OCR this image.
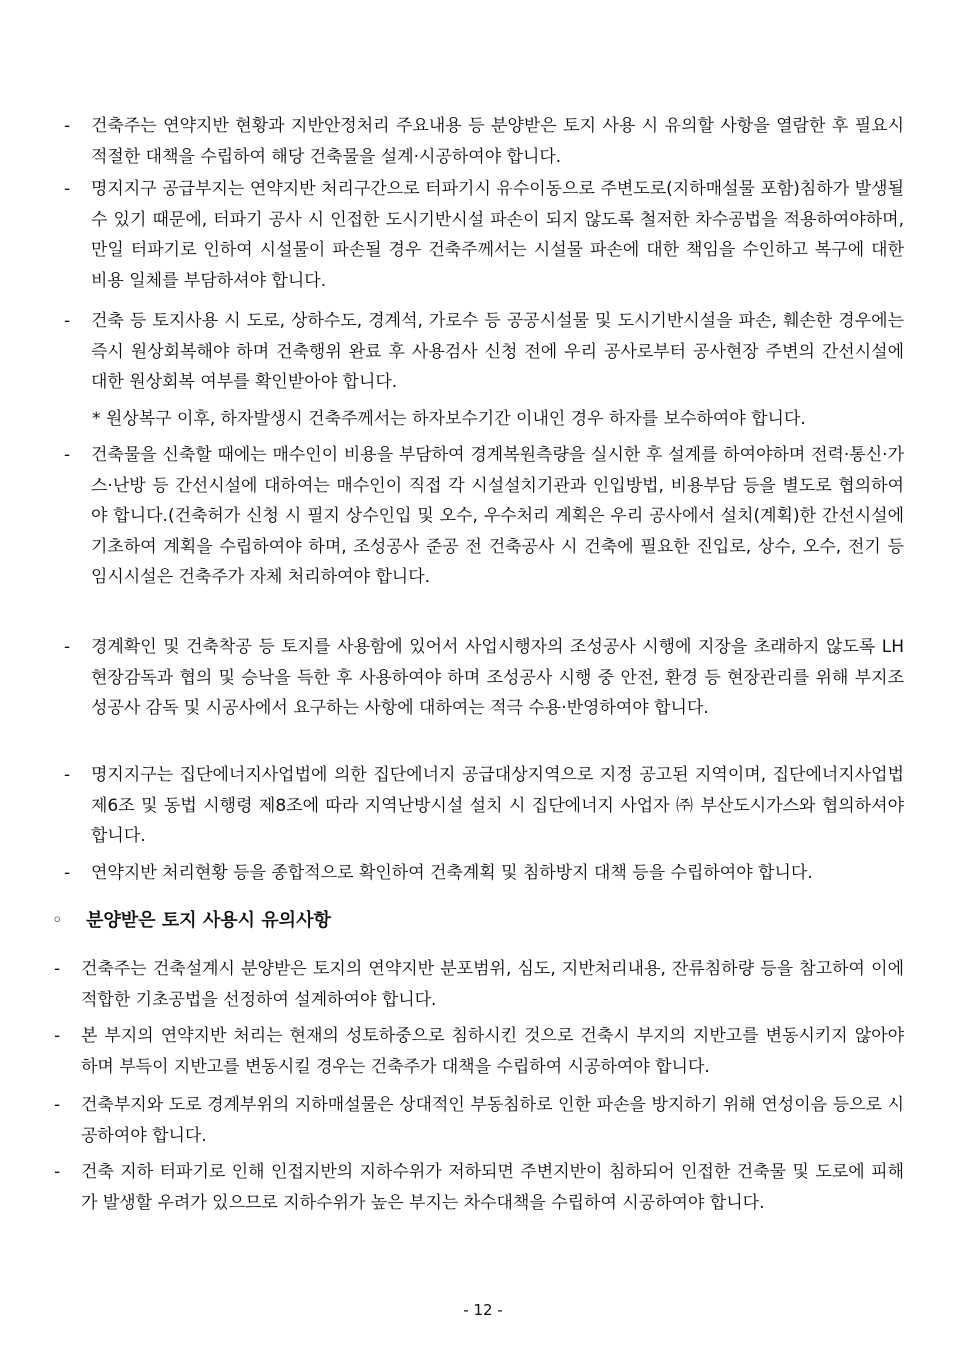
-	건축주는 연약지반 현황과 지반안정처리 주요내용 등 분양받은 토지 사용 시 유의할 사항을 열람한 후 필요시 적절한 대책을 수립하여 해당 건축물을 설계·시공하여야 합니다.
-	명지지구 공급부지는 연약지반 처리구간으로 터파기시 유수이동으로 주변도로(지하매설물 포함)침하가 발생될 수 있기 때문에, 터파기 공사 시 인접한 도시기반시설 파손이 되지 않도록 철저한 차수공법을 적용하여야하며, 만일 터파기로 인하여 시설물이 파손될 경우 건축주께서는 시설물 파손에 대한 책임을 수인하고 복구에 대한 비용 일체를 부담하셔야 합니다.
-	건축 등 토지사용 시 도로, 상하수도, 경계석, 가로수 등 공공시설물 및 도시기반시설을 파손, 훼손한 경우에는 즉시 원상회복해야 하며 건축행위 완료 후 사용검사 신청 전에 우리 공사로부터 공사현장 주변의 간선시설에 대한 원상회복 여부를 확인받아야 합니다.
* 원상복구 이후, 하자발생시 건축주께서는 하자보수기간 이내인 경우 하자를 보수하여야 합니다.
-	건축물을 신축할 때에는 매수인이 비용을 부담하여 경계복원측량을 실시한 후 설계를 하여야하며 전력·통신·가스·난방 등 간선시설에 대하여는 매수인이 직접 각 시설설치기관과 인입방법, 비용부담 등을 별도로 협의하여야 합니다.(건축허가 신청 시 필지 상수인입 및 오수, 우수처리 계획은 우리 공사에서 설치(계획)한 간선시설에 기초하여 계획을 수립하여야 하며, 조성공사 준공 전 건축공사 시 건축에 필요한 진입로, 상수, 오수, 전기 등 임시시설은 건축주가 자체 처리하여야 합니다.
-	경계확인 및 건축착공 등 토지를 사용함에 있어서 사업시행자의 조성공사 시행에 지장을 초래하지 않도록 LH 현장감독과 협의 및 승낙을 득한 후 사용하여야 하며 조성공사 시행 중 안전, 환경 등 현장관리를 위해 부지조성공사 감독 및 시공사에서 요구하는 사항에 대하여는 적극 수용·반영하여야 합니다.
-	명지지구는 집단에너지사업법에 의한 집단에너지 공급대상지역으로 지정 공고된 지역이며, 집단에너지사업법 제6조 및 동법 시행령 제8조에 따라 지역난방시설 설치 시 집단에너지 사업자 ㈜ 부산도시가스와 협의하셔야 합니다.
-	연약지반 처리현황 등을 종합적으로 확인하여 건축계획 및 침하방지 대책 등을 수립하여야 합니다.
◦ 분양받은 토지 사용시 유의사항
-	건축주는 건축설계시 분양받은 토지의 연약지반 분포범위, 심도, 지반처리내용, 잔류침하량 등을 참고하여 이에 적합한 기초공법을 선정하여 설계하여야 합니다.
-	본 부지의 연약지반 처리는 현재의 성토하중으로 침하시킨 것으로 건축시 부지의 지반고를 변동시키지 않아야 하며 부득이 지반고를 변동시킬 경우는 건축주가 대책을 수립하여 시공하여야 합니다.
-	건축부지와 도로 경계부위의 지하매설물은 상대적인 부동침하로 인한 파손을 방지하기 위해 연성이음 등으로 시공하여야 합니다.
-	건축 지하 터파기로 인해 인접지반의 지하수위가 저하되면 주변지반이 침하되어 인접한 건축물 및 도로에 피해가 발생할 우려가 있으므로 지하수위가 높은 부지는 차수대책을 수립하여 시공하여야 합니다.
- 12 -
